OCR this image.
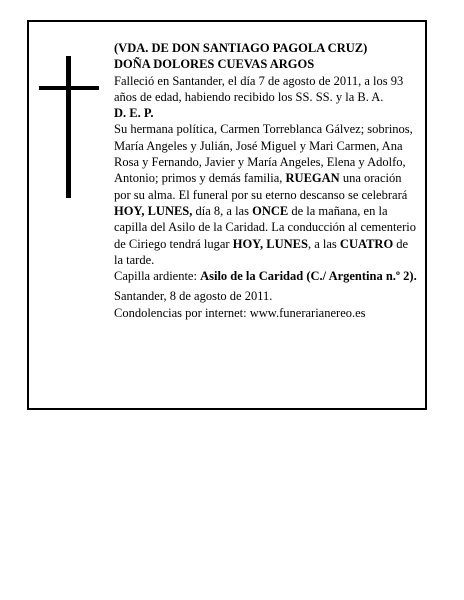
(VDA. DE DON SANTIAGO PAGOLA CRUZ)

DOÑA DOLORES CUEVAS ARGOS

Falleció en Santander, el día 7 de agosto de 2011, a los 93 años de edad, habiendo recibido los SS. SS. y la B. A.

D. E. P.

Su hermana política, Carmen Torreblanca Gálvez; sobrinos, María Angeles y Julián, José Miguel y Mari Carmen, Ana Rosa y Fernando, Javier y María Angeles, Elena y Adolfo, Antonio; primos y demás familia, RUEGAN una oración por su alma. El funeral por su eterno descanso se celebrará HOY, LUNES, día 8, a las ONCE de la mañana, en la capilla del Asilo de la Caridad. La conducción al cementerio de Ciriego tendrá lugar HOY, LUNES, a las CUATRO de la tarde.

Capilla ardiente: Asilo de la Caridad (C./ Argentina n.º 2).

Santander, 8 de agosto de 2011.

Condolencias por internet: www.funerarianereo.es
